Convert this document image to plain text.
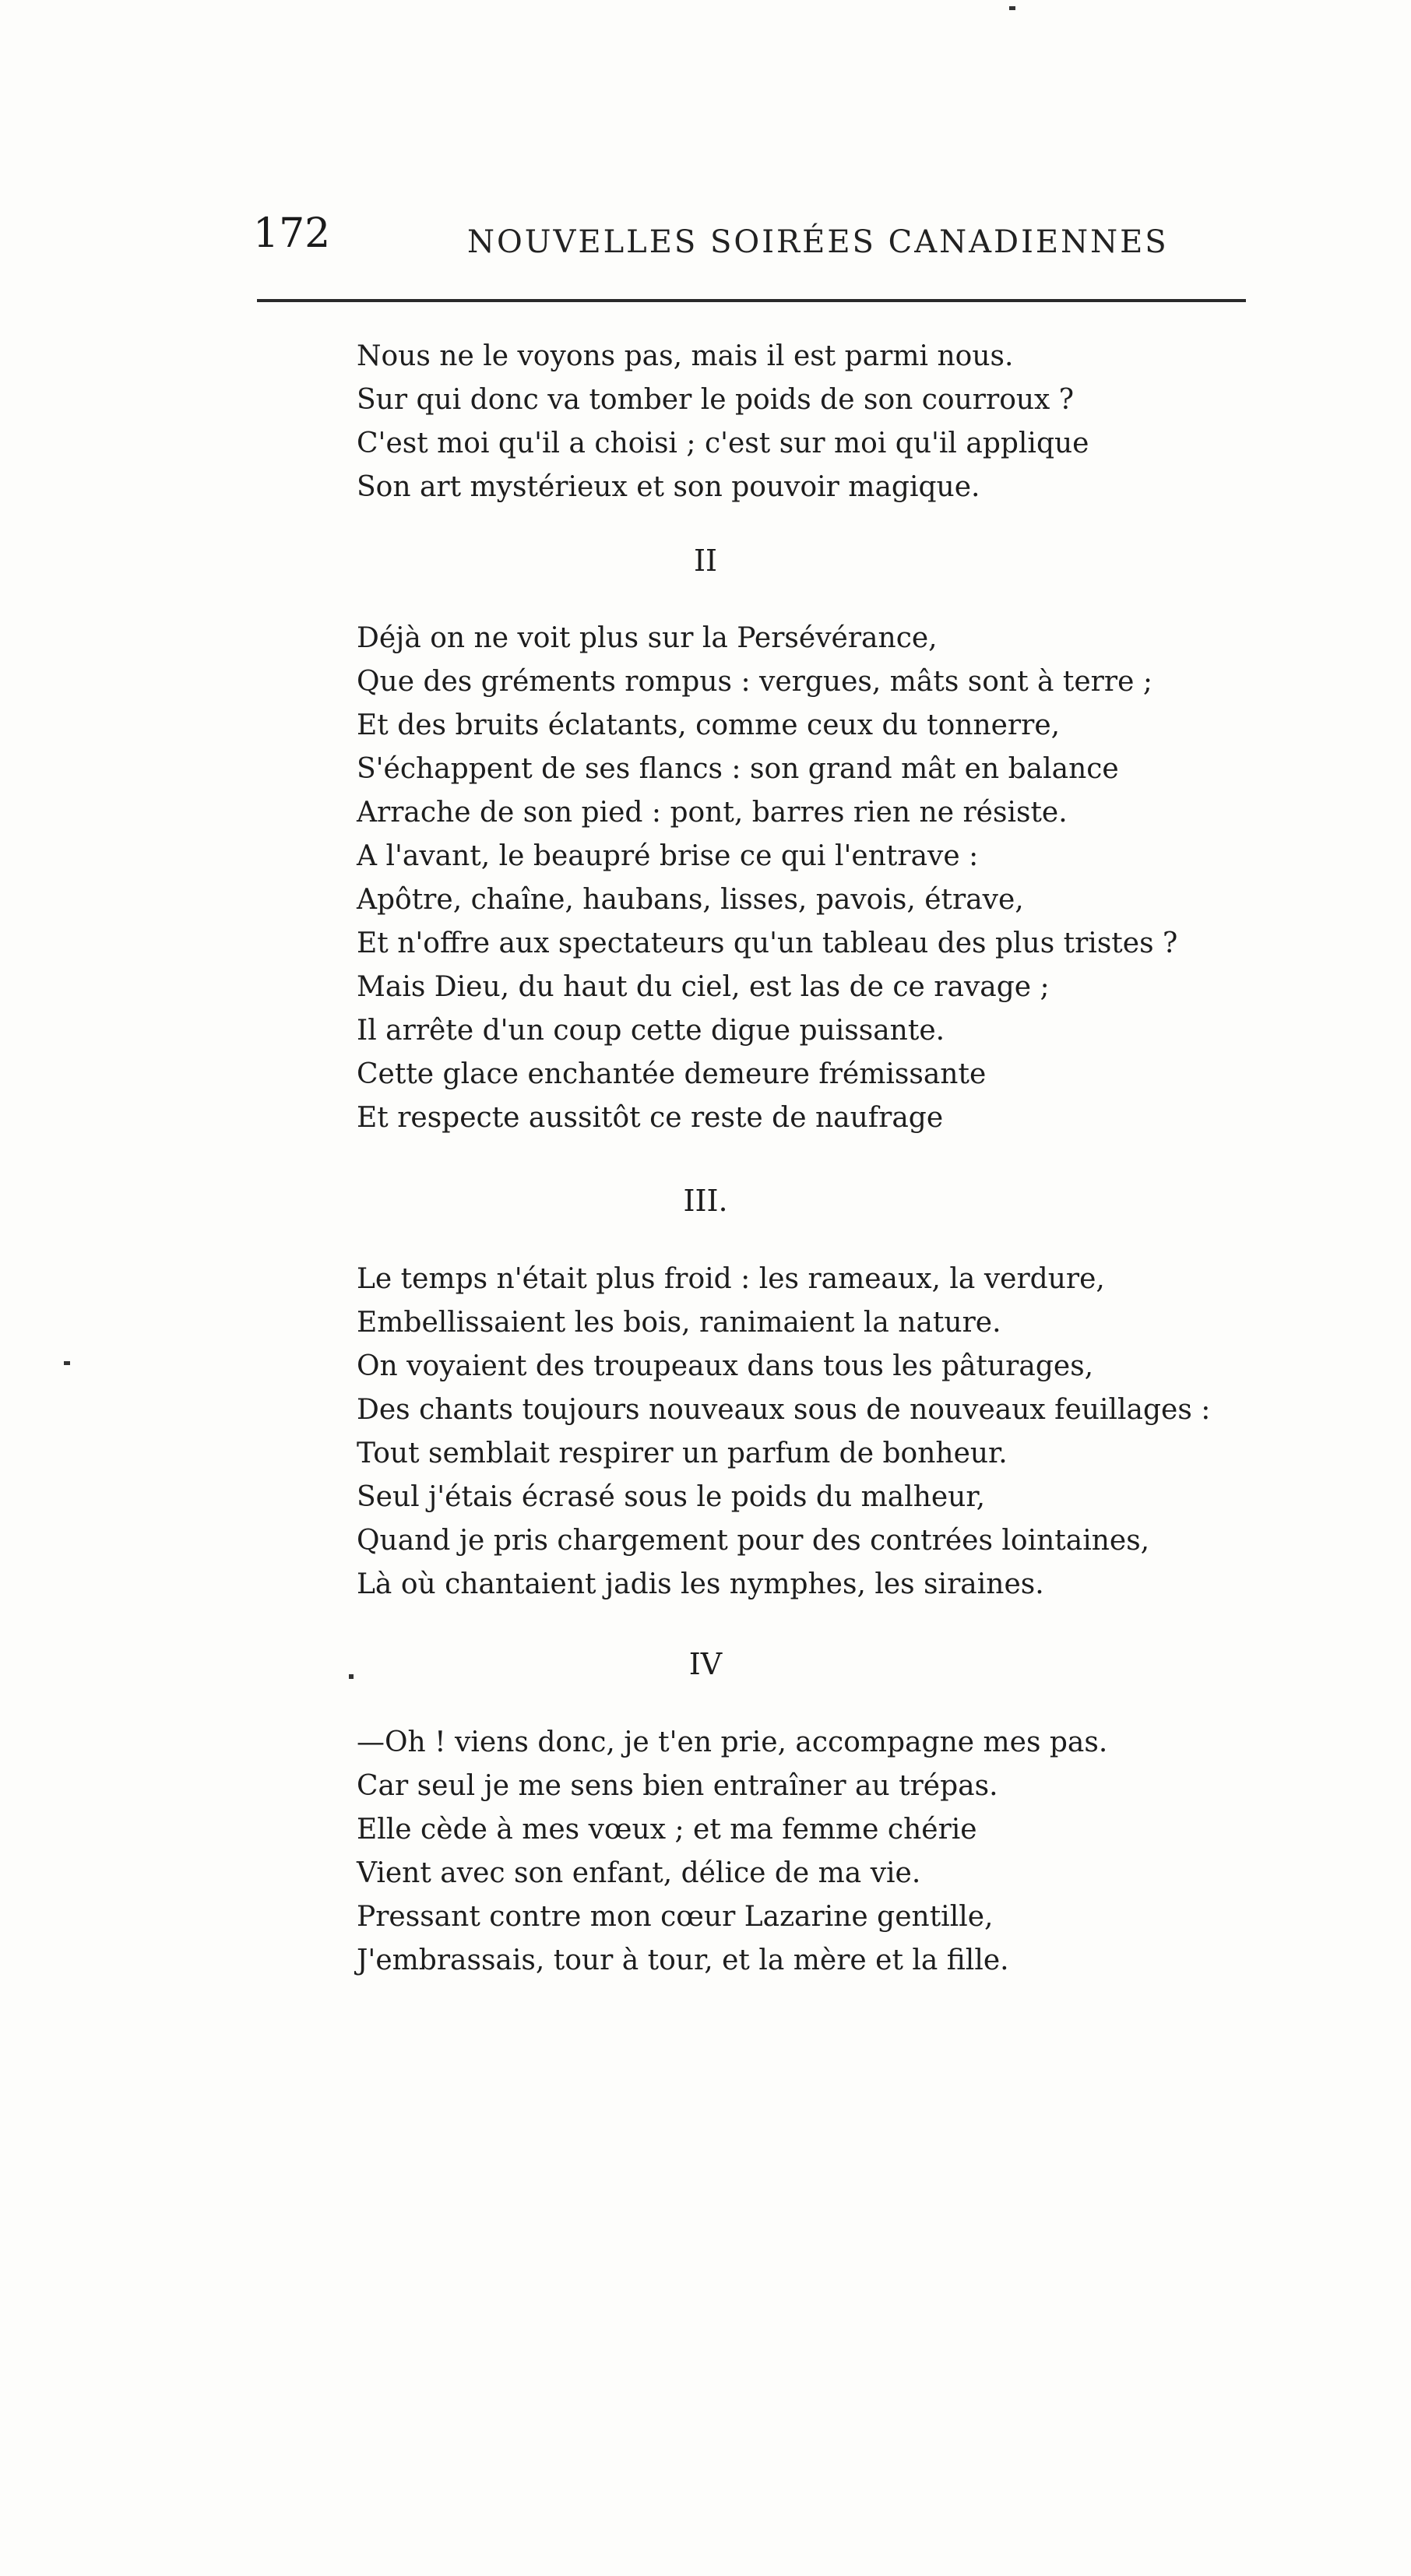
172	NOUVELLES SOIRÉES CANADIENNES
Nous ne le voyons pas, mais il est parmi nous.
Sur qui donc va tomber le poids de son courroux ?
C'est moi qu'il a choisi ; c'est sur moi qu'il applique
Son art mystérieux et son pouvoir magique.
II
Déjà on ne voit plus sur la Persévérance,
Que des gréments rompus : vergues, mâts sont à terre ;
Et des bruits éclatants, comme ceux du tonnerre,
S'échappent de ses flancs : son grand mât en balance
Arrache de son pied : pont, barres rien ne résiste.
A l'avant, le beaupré brise ce qui l'entrave :
Apôtre, chaîne, haubans, lisses, pavois, étrave,
Et n'offre aux spectateurs qu'un tableau des plus tristes ?
Mais Dieu, du haut du ciel, est las de ce ravage ;
Il arrête d'un coup cette digue puissante.
Cette glace enchantée demeure frémissante
Et respecte aussitôt ce reste de naufrage
III.
Le temps n'était plus froid : les rameaux, la verdure,
Embellissaient les bois, ranimaient la nature.
On voyaient des troupeaux dans tous les pâturages,
Des chants toujours nouveaux sous de nouveaux feuillages :
Tout semblait respirer un parfum de bonheur.
Seul j'étais écrasé sous le poids du malheur,
Quand je pris chargement pour des contrées lointaines,
Là où chantaient jadis les nymphes, les siraines.
IV
—Oh ! viens donc, je t'en prie, accompagne mes pas.
Car seul je me sens bien entraîner au trépas.
Elle cède à mes vœux ; et ma femme chérie
Vient avec son enfant, délice de ma vie.
Pressant contre mon cœur Lazarine gentille,
J'embrassais, tour à tour, et la mère et la fille.
